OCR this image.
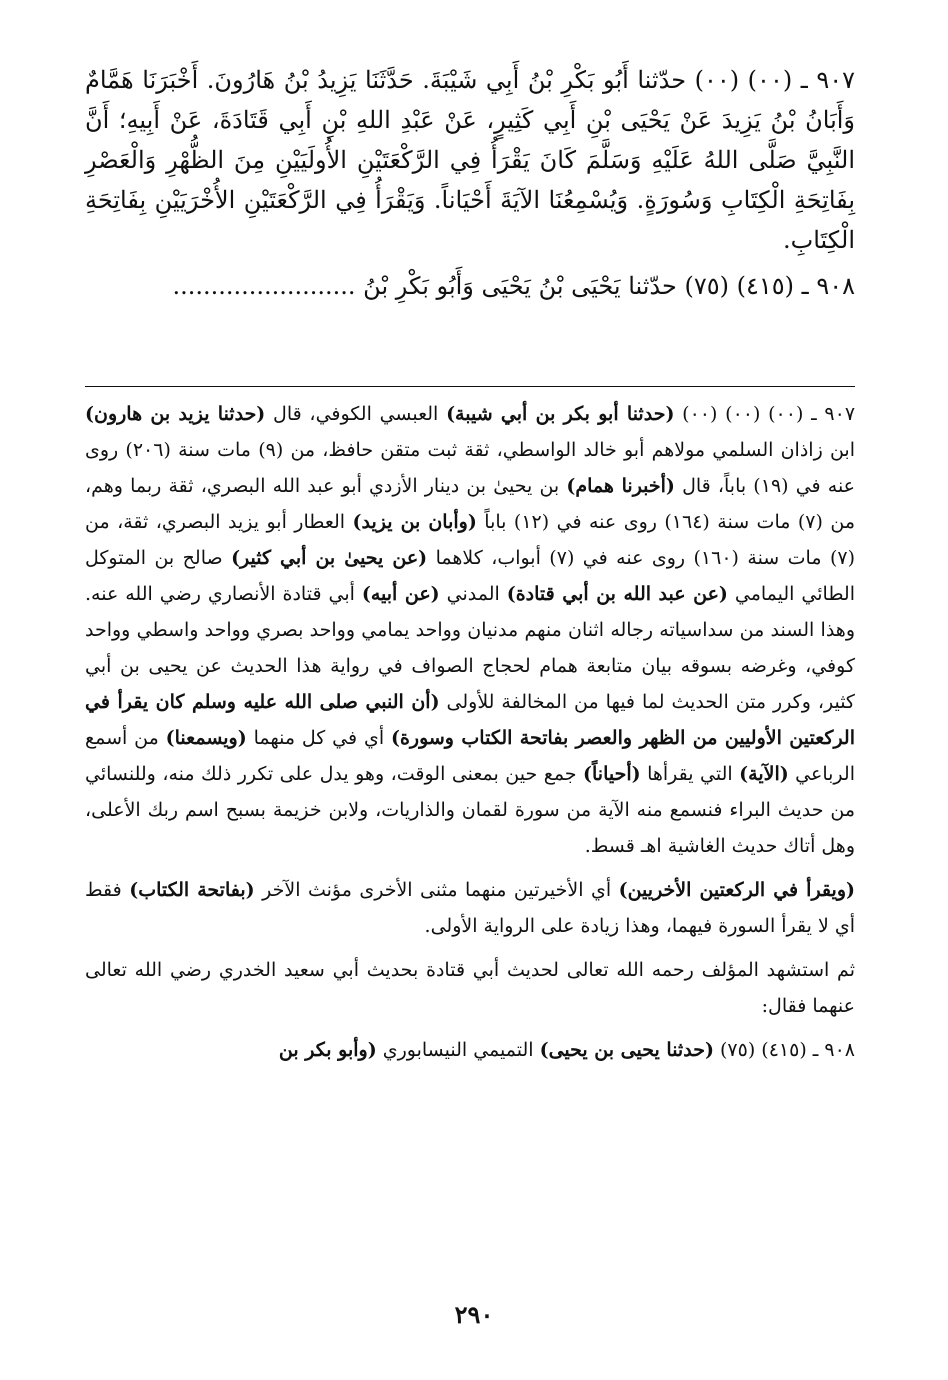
٩٠٧ ـ (٠٠) (٠٠) حدّثنا أَبُو بَكْرِ بْنُ أَبِي شَيْبَةَ. حَدَّثَنَا يَزِيدُ بْنُ هَارُونَ. أَخْبَرَنَا هَمَّامٌ وَأَبَانُ بْنُ يَزِيدَ عَنْ يَحْيَى بْنِ أَبِي كَثِيرٍ، عَنْ عَبْدِ اللهِ بْنِ أَبِي قَتَادَةَ، عَنْ أَبِيهِ؛ أَنَّ النَّبِيَّ صَلَّى اللهُ عَلَيْهِ وَسَلَّمَ كَانَ يَقْرَأُ فِي الرَّكْعَتَيْنِ الأُولَيَيْنِ مِنَ الظُّهْرِ وَالْعَصْرِ بِفَاتِحَةِ الْكِتَابِ وَسُورَةٍ. وَيُسْمِعُنَا الآيَةَ أَحْيَاناً. وَيَقْرَأُ فِي الرَّكْعَتَيْنِ الأُخْرَيَيْنِ بِفَاتِحَةِ الْكِتَابِ.

٩٠٨ ـ (٤١٥) (٧٥) حدّثنا يَحْيَى بْنُ يَحْيَى وَأَبُو بَكْرِ بْنُ ........................

٩٠٧ ـ (٠٠) (٠٠) (٠٠) (حدثنا أبو بكر بن أبي شيبة) العبسي الكوفي، قال (حدثنا يزيد بن هارون) ابن زاذان السلمي مولاهم أبو خالد الواسطي، ثقة ثبت متقن حافظ، من (٩) مات سنة (٢٠٦) روى عنه في (١٩) باباً، قال (أخبرنا همام) بن يحيىٰ بن دينار الأزدي أبو عبد الله البصري، ثقة ربما وهم، من (٧) مات سنة (١٦٤) روى عنه في (١٢) باباً (وأبان بن يزيد) العطار أبو يزيد البصري، ثقة، من (٧) مات سنة (١٦٠) روى عنه في (٧) أبواب، كلاهما (عن يحيىٰ بن أبي كثير) صالح بن المتوكل الطائي اليمامي (عن عبد الله بن أبي قتادة) المدني (عن أبيه) أبي قتادة الأنصاري رضي الله عنه. وهذا السند من سداسياته رجاله اثنان منهم مدنيان وواحد يمامي وواحد بصري وواحد واسطي وواحد كوفي، وغرضه بسوقه بيان متابعة همام لحجاج الصواف في رواية هذا الحديث عن يحيى بن أبي كثير، وكرر متن الحديث لما فيها من المخالفة للأولى (أن النبي صلى الله عليه وسلم كان يقرأ في الركعتين الأوليين من الظهر والعصر بفاتحة الكتاب وسورة) أي في كل منهما (ويسمعنا) من أسمع الرباعي (الآية) التي يقرأها (أحياناً) جمع حين بمعنى الوقت، وهو يدل على تكرر ذلك منه، وللنسائي من حديث البراء فنسمع منه الآية من سورة لقمان والذاريات، ولابن خزيمة بسبح اسم ربك الأعلى، وهل أتاك حديث الغاشية اهـ قسط.

(ويقرأ في الركعتين الأخريين) أي الأخيرتين منهما مثنى الأخرى مؤنث الآخر (بفاتحة الكتاب) فقط أي لا يقرأ السورة فيهما، وهذا زيادة على الرواية الأولى.

ثم استشهد المؤلف رحمه الله تعالى لحديث أبي قتادة بحديث أبي سعيد الخدري رضي الله تعالى عنهما فقال:

٩٠٨ ـ (٤١٥) (٧٥) (حدثنا يحيى بن يحيى) التميمي النيسابوري (وأبو بكر بن

٢٩٠
